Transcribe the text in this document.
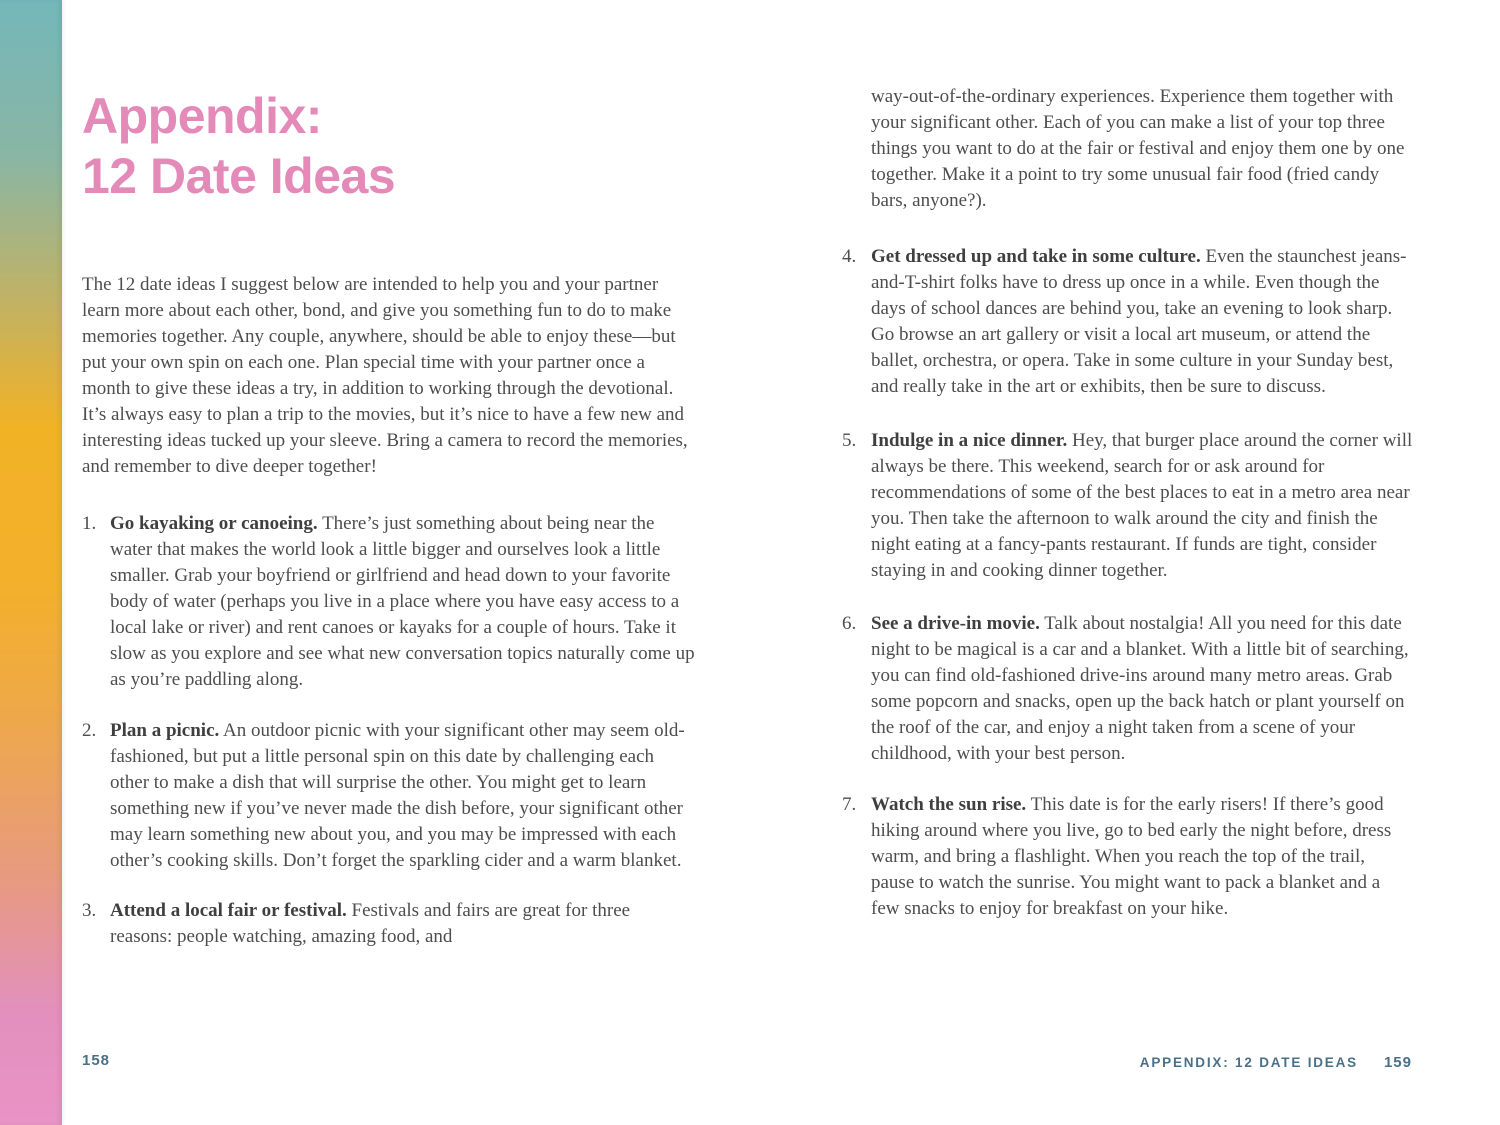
Appendix:
12 Date Ideas

The 12 date ideas I suggest below are intended to help you and your partner learn more about each other, bond, and give you something fun to do to make memories together. Any couple, anywhere, should be able to enjoy these—but put your own spin on each one. Plan special time with your partner once a month to give these ideas a try, in addition to working through the devotional. It’s always easy to plan a trip to the movies, but it’s nice to have a few new and interesting ideas tucked up your sleeve. Bring a camera to record the memories, and remember to dive deeper together!

1. Go kayaking or canoeing. There’s just something about being near the water that makes the world look a little bigger and ourselves look a little smaller. Grab your boyfriend or girlfriend and head down to your favorite body of water (perhaps you live in a place where you have easy access to a local lake or river) and rent canoes or kayaks for a couple of hours. Take it slow as you explore and see what new conversation topics naturally come up as you’re paddling along.

2. Plan a picnic. An outdoor picnic with your significant other may seem old-fashioned, but put a little personal spin on this date by challenging each other to make a dish that will surprise the other. You might get to learn something new if you’ve never made the dish before, your significant other may learn something new about you, and you may be impressed with each other’s cooking skills. Don’t forget the sparkling cider and a warm blanket.

3. Attend a local fair or festival. Festivals and fairs are great for three reasons: people watching, amazing food, and

way-out-of-the-ordinary experiences. Experience them together with your significant other. Each of you can make a list of your top three things you want to do at the fair or festival and enjoy them one by one together. Make it a point to try some unusual fair food (fried candy bars, anyone?).

4. Get dressed up and take in some culture. Even the staunchest jeans-and-T-shirt folks have to dress up once in a while. Even though the days of school dances are behind you, take an evening to look sharp. Go browse an art gallery or visit a local art museum, or attend the ballet, orchestra, or opera. Take in some culture in your Sunday best, and really take in the art or exhibits, then be sure to discuss.

5. Indulge in a nice dinner. Hey, that burger place around the corner will always be there. This weekend, search for or ask around for recommendations of some of the best places to eat in a metro area near you. Then take the afternoon to walk around the city and finish the night eating at a fancy-pants restaurant. If funds are tight, consider staying in and cooking dinner together.

6. See a drive-in movie. Talk about nostalgia! All you need for this date night to be magical is a car and a blanket. With a little bit of searching, you can find old-fashioned drive-ins around many metro areas. Grab some popcorn and snacks, open up the back hatch or plant yourself on the roof of the car, and enjoy a night taken from a scene of your childhood, with your best person.

7. Watch the sun rise. This date is for the early risers! If there’s good hiking around where you live, go to bed early the night before, dress warm, and bring a flashlight. When you reach the top of the trail, pause to watch the sunrise. You might want to pack a blanket and a few snacks to enjoy for breakfast on your hike.

158	APPENDIX: 12 DATE IDEAS 159
